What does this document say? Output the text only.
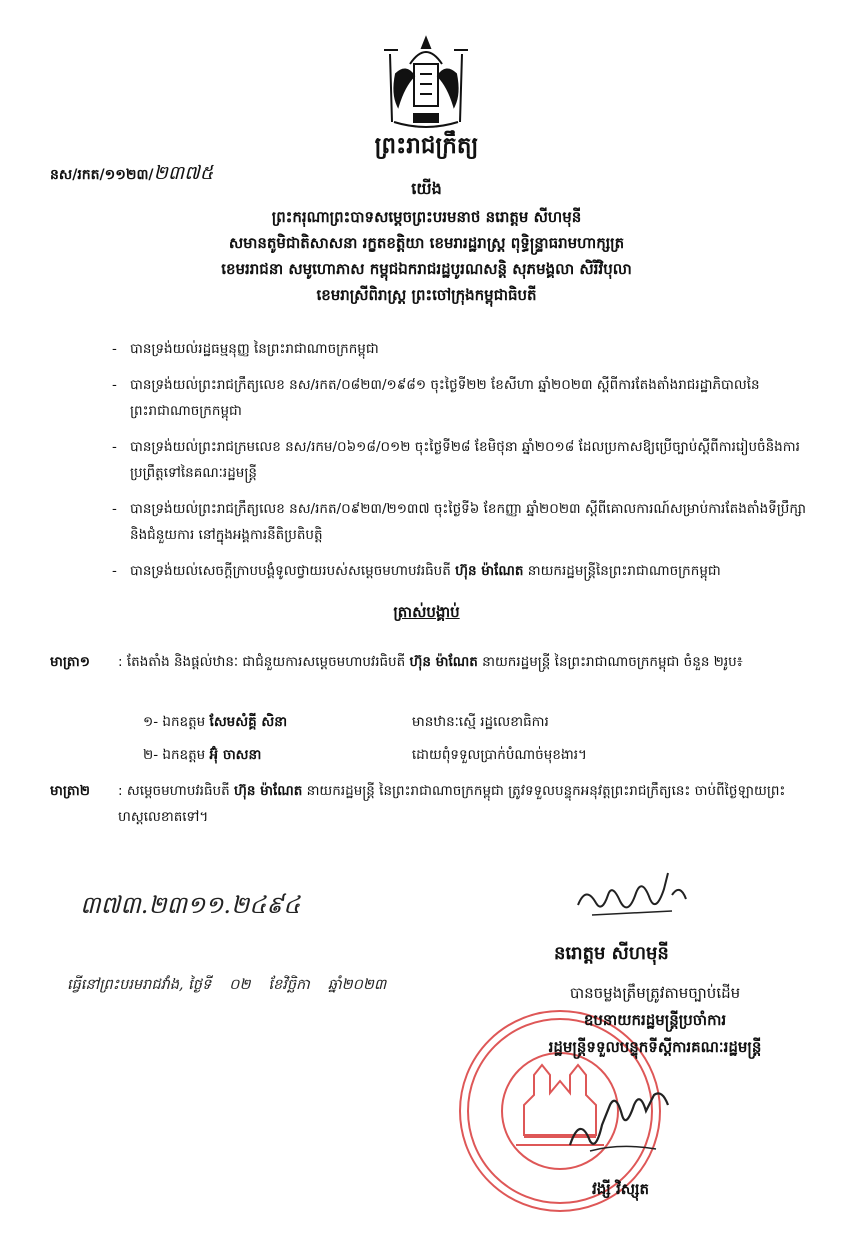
ព្រះរាជក្រឹត្យ
នស/រកត/១១២៣/២៣៧៥
យើង
ព្រះករុណាព្រះបាទសម្តេចព្រះបរមនាថ នរោត្តម សីហមុនី
សមានតូមិជាតិសាសនា រក្ខតខត្តិយា ខេមរារដ្ឋរាស្ត្រ ពុទ្ធិន្ទ្រាធរាមហាក្សត្រ
ខេមររាជនា សមូហោភាស កម្ពុជឯករាជរដ្ឋបូរណសន្តិ សុភមង្គលា សិរីវិបុលា
ខេមរាស្រីពិរាស្ត្រ ព្រះចៅក្រុងកម្ពុជាធិបតី
- បានទ្រង់យល់រដ្ឋធម្មនុញ្ញ នៃព្រះរាជាណាចក្រកម្ពុជា
- បានទ្រង់យល់ព្រះរាជក្រឹត្យលេខ នស/រកត/០៨២៣/១៩៨១ ចុះថ្ងៃទី២២ ខែសីហា ឆ្នាំ២០២៣ ស្តីពីការតែងតាំងរាជរដ្ឋាភិបាលនៃព្រះរាជាណាចក្រកម្ពុជា
- បានទ្រង់យល់ព្រះរាជក្រមលេខ នស/រកម/០៦១៨/០១២ ចុះថ្ងៃទី២៨ ខែមិថុនា ឆ្នាំ២០១៨ ដែលប្រកាសឱ្យប្រើច្បាប់ស្តីពីការរៀបចំនិងការប្រព្រឹត្តទៅនៃគណៈរដ្ឋមន្ត្រី
- បានទ្រង់យល់ព្រះរាជក្រឹត្យលេខ នស/រកត/០៩២៣/២១៣៧ ចុះថ្ងៃទី៦ ខែកញ្ញា ឆ្នាំ២០២៣ ស្តីពីគោលការណ៍សម្រាប់ការតែងតាំងទីប្រឹក្សា និងជំនួយការ នៅក្នុងអង្គការនីតិប្រតិបត្តិ
- បានទ្រង់យល់សេចក្តីក្រាបបង្គំទូលថ្វាយរបស់សម្តេចមហាបវរធិបតី ហ៊ុន ម៉ាណែត នាយករដ្ឋមន្ត្រីនៃព្រះរាជាណាចក្រកម្ពុជា
ត្រាស់បង្គាប់
មាត្រា១ : តែងតាំង និងផ្តល់ឋានៈ ជាជំនួយការសម្តេចមហាបវរធិបតី ហ៊ុន ម៉ាណែត នាយករដ្ឋមន្ត្រី នៃព្រះរាជាណាចក្រកម្ពុជា ចំនួន ២រូប៖
១- ឯកឧត្តម សែមសំគ្គី សិនា	មានឋានៈស្មើ រដ្ឋលេខាធិការ
២- ឯកឧត្តម អ៊ុំ ចាសនា	ដោយពុំទទួលប្រាក់បំណាច់មុខងារ។
មាត្រា២ : សម្តេចមហាបវរធិបតី ហ៊ុន ម៉ាណែត នាយករដ្ឋមន្ត្រី នៃព្រះរាជាណាចក្រកម្ពុជា ត្រូវទទួលបន្ទុកអនុវត្តព្រះរាជក្រឹត្យនេះ ចាប់ពីថ្ងៃឡាយព្រះហស្តលេខាតទៅ។
៣៧៣.២៣១១.២៤៩៤
នរោត្តម សីហមុនី
ធ្វើនៅព្រះបរមរាជវាំង, ថ្ងៃទី ០២ ខែវិច្ឆិកា ឆ្នាំ២០២៣	បានចម្លងត្រឹមត្រូវតាមច្បាប់ដើម
ឧបនាយករដ្ឋមន្ត្រីប្រចាំការ
រដ្ឋមន្ត្រីទទួលបន្ទុកទីស្តីការគណៈរដ្ឋមន្ត្រី
វង្សី វិស្សុត
